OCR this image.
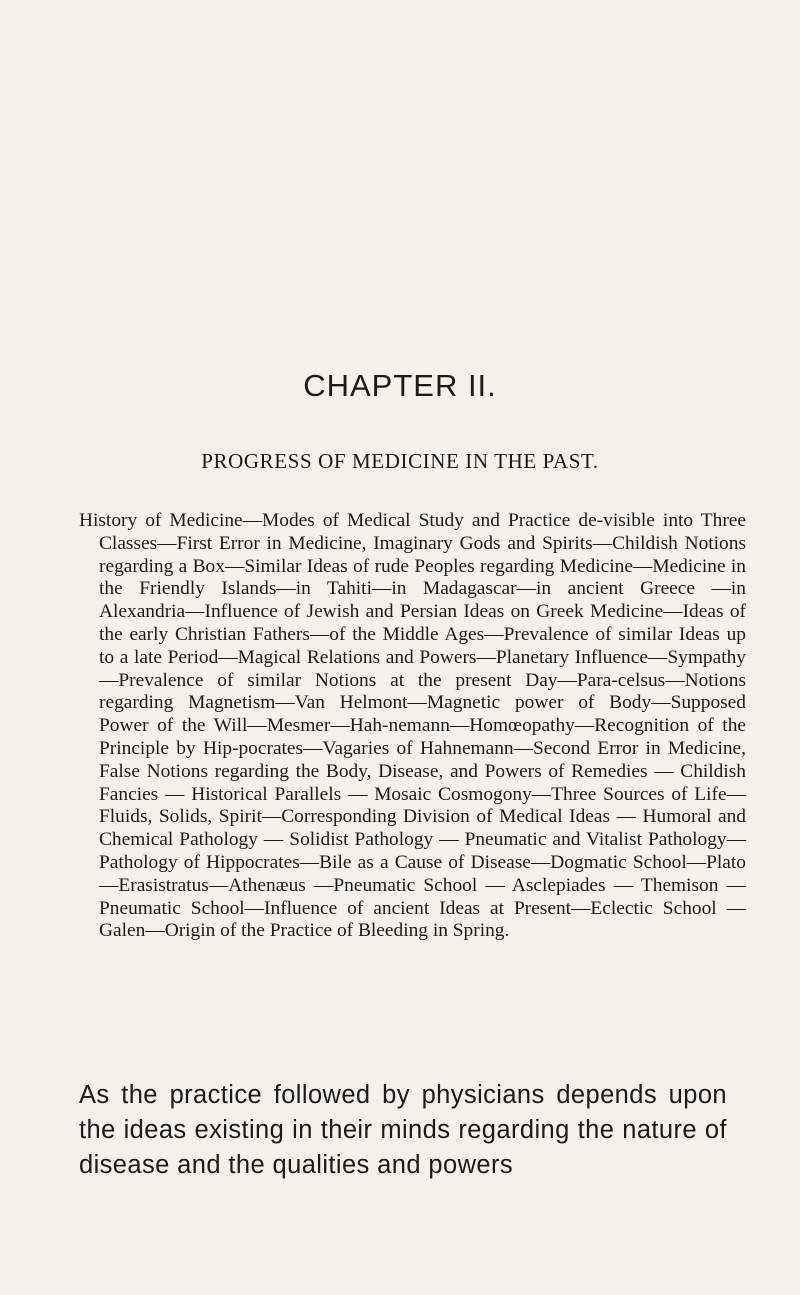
CHAPTER II.
PROGRESS OF MEDICINE IN THE PAST.

History of Medicine—Modes of Medical Study and Practice de-visible into Three Classes—First Error in Medicine, Imaginary Gods and Spirits—Childish Notions regarding a Box—Similar Ideas of rude Peoples regarding Medicine—Medicine in the Friendly Islands—in Tahiti—in Madagascar—in ancient Greece —in Alexandria—Influence of Jewish and Persian Ideas on Greek Medicine—Ideas of the early Christian Fathers—of the Middle Ages—Prevalence of similar Ideas up to a late Period—Magical Relations and Powers—Planetary Influence—Sympathy —Prevalence of similar Notions at the present Day—Para-celsus—Notions regarding Magnetism—Van Helmont—Magnetic power of Body—Supposed Power of the Will—Mesmer—Hah-nemann—Homœopathy—Recognition of the Principle by Hip-pocrates—Vagaries of Hahnemann—Second Error in Medicine, False Notions regarding the Body, Disease, and Powers of Remedies — Childish Fancies — Historical Parallels — Mosaic Cosmogony—Three Sources of Life—Fluids, Solids, Spirit—Corresponding Division of Medical Ideas — Humoral and Chemical Pathology — Solidist Pathology — Pneumatic and Vitalist Pathology—Pathology of Hippocrates—Bile as a Cause of Disease—Dogmatic School—Plato—Erasistratus—Athenæus —Pneumatic School — Asclepiades — Themison — Pneumatic School—Influence of ancient Ideas at Present—Eclectic School —Galen—Origin of the Practice of Bleeding in Spring.

As the practice followed by physicians depends upon the ideas existing in their minds regarding the nature of disease and the qualities and powers
